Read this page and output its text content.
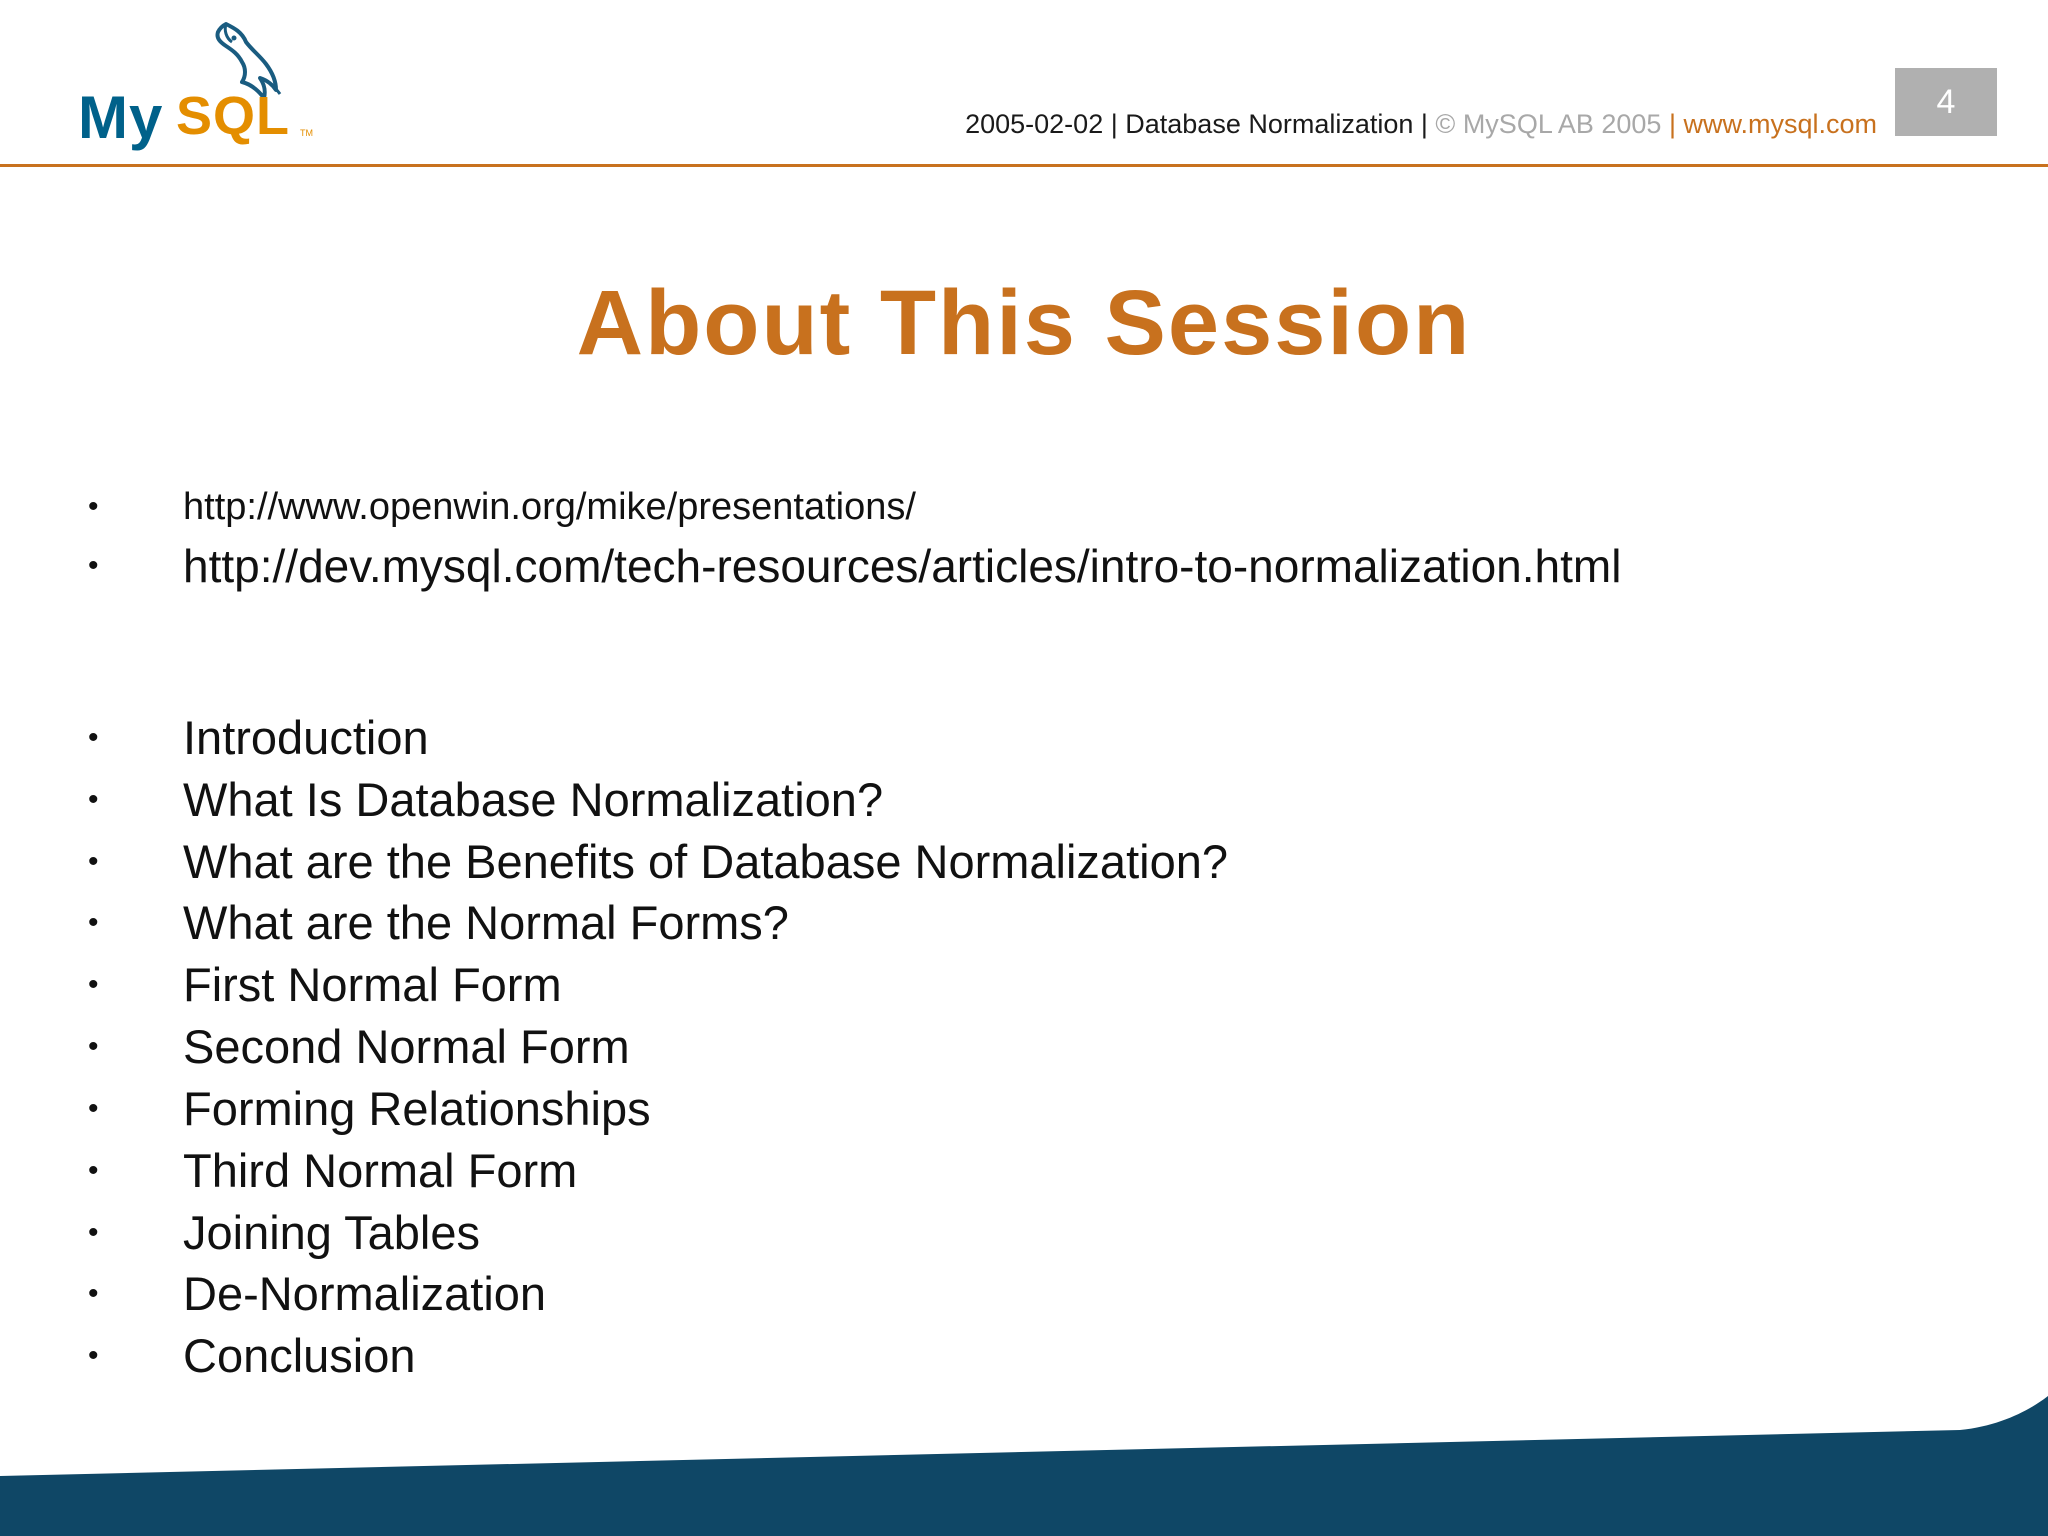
My SQL TM	2005-02-02 | Database Normalization | © MySQL AB 2005 | www.mysql.com
4
About This Session
• http://www.openwin.org/mike/presentations/
• http://dev.mysql.com/tech-resources/articles/intro-to-normalization.html
• Introduction
• What Is Database Normalization?
• What are the Benefits of Database Normalization?
• What are the Normal Forms?
• First Normal Form
• Second Normal Form
• Forming Relationships
• Third Normal Form
• Joining Tables
• De-Normalization
• Conclusion
